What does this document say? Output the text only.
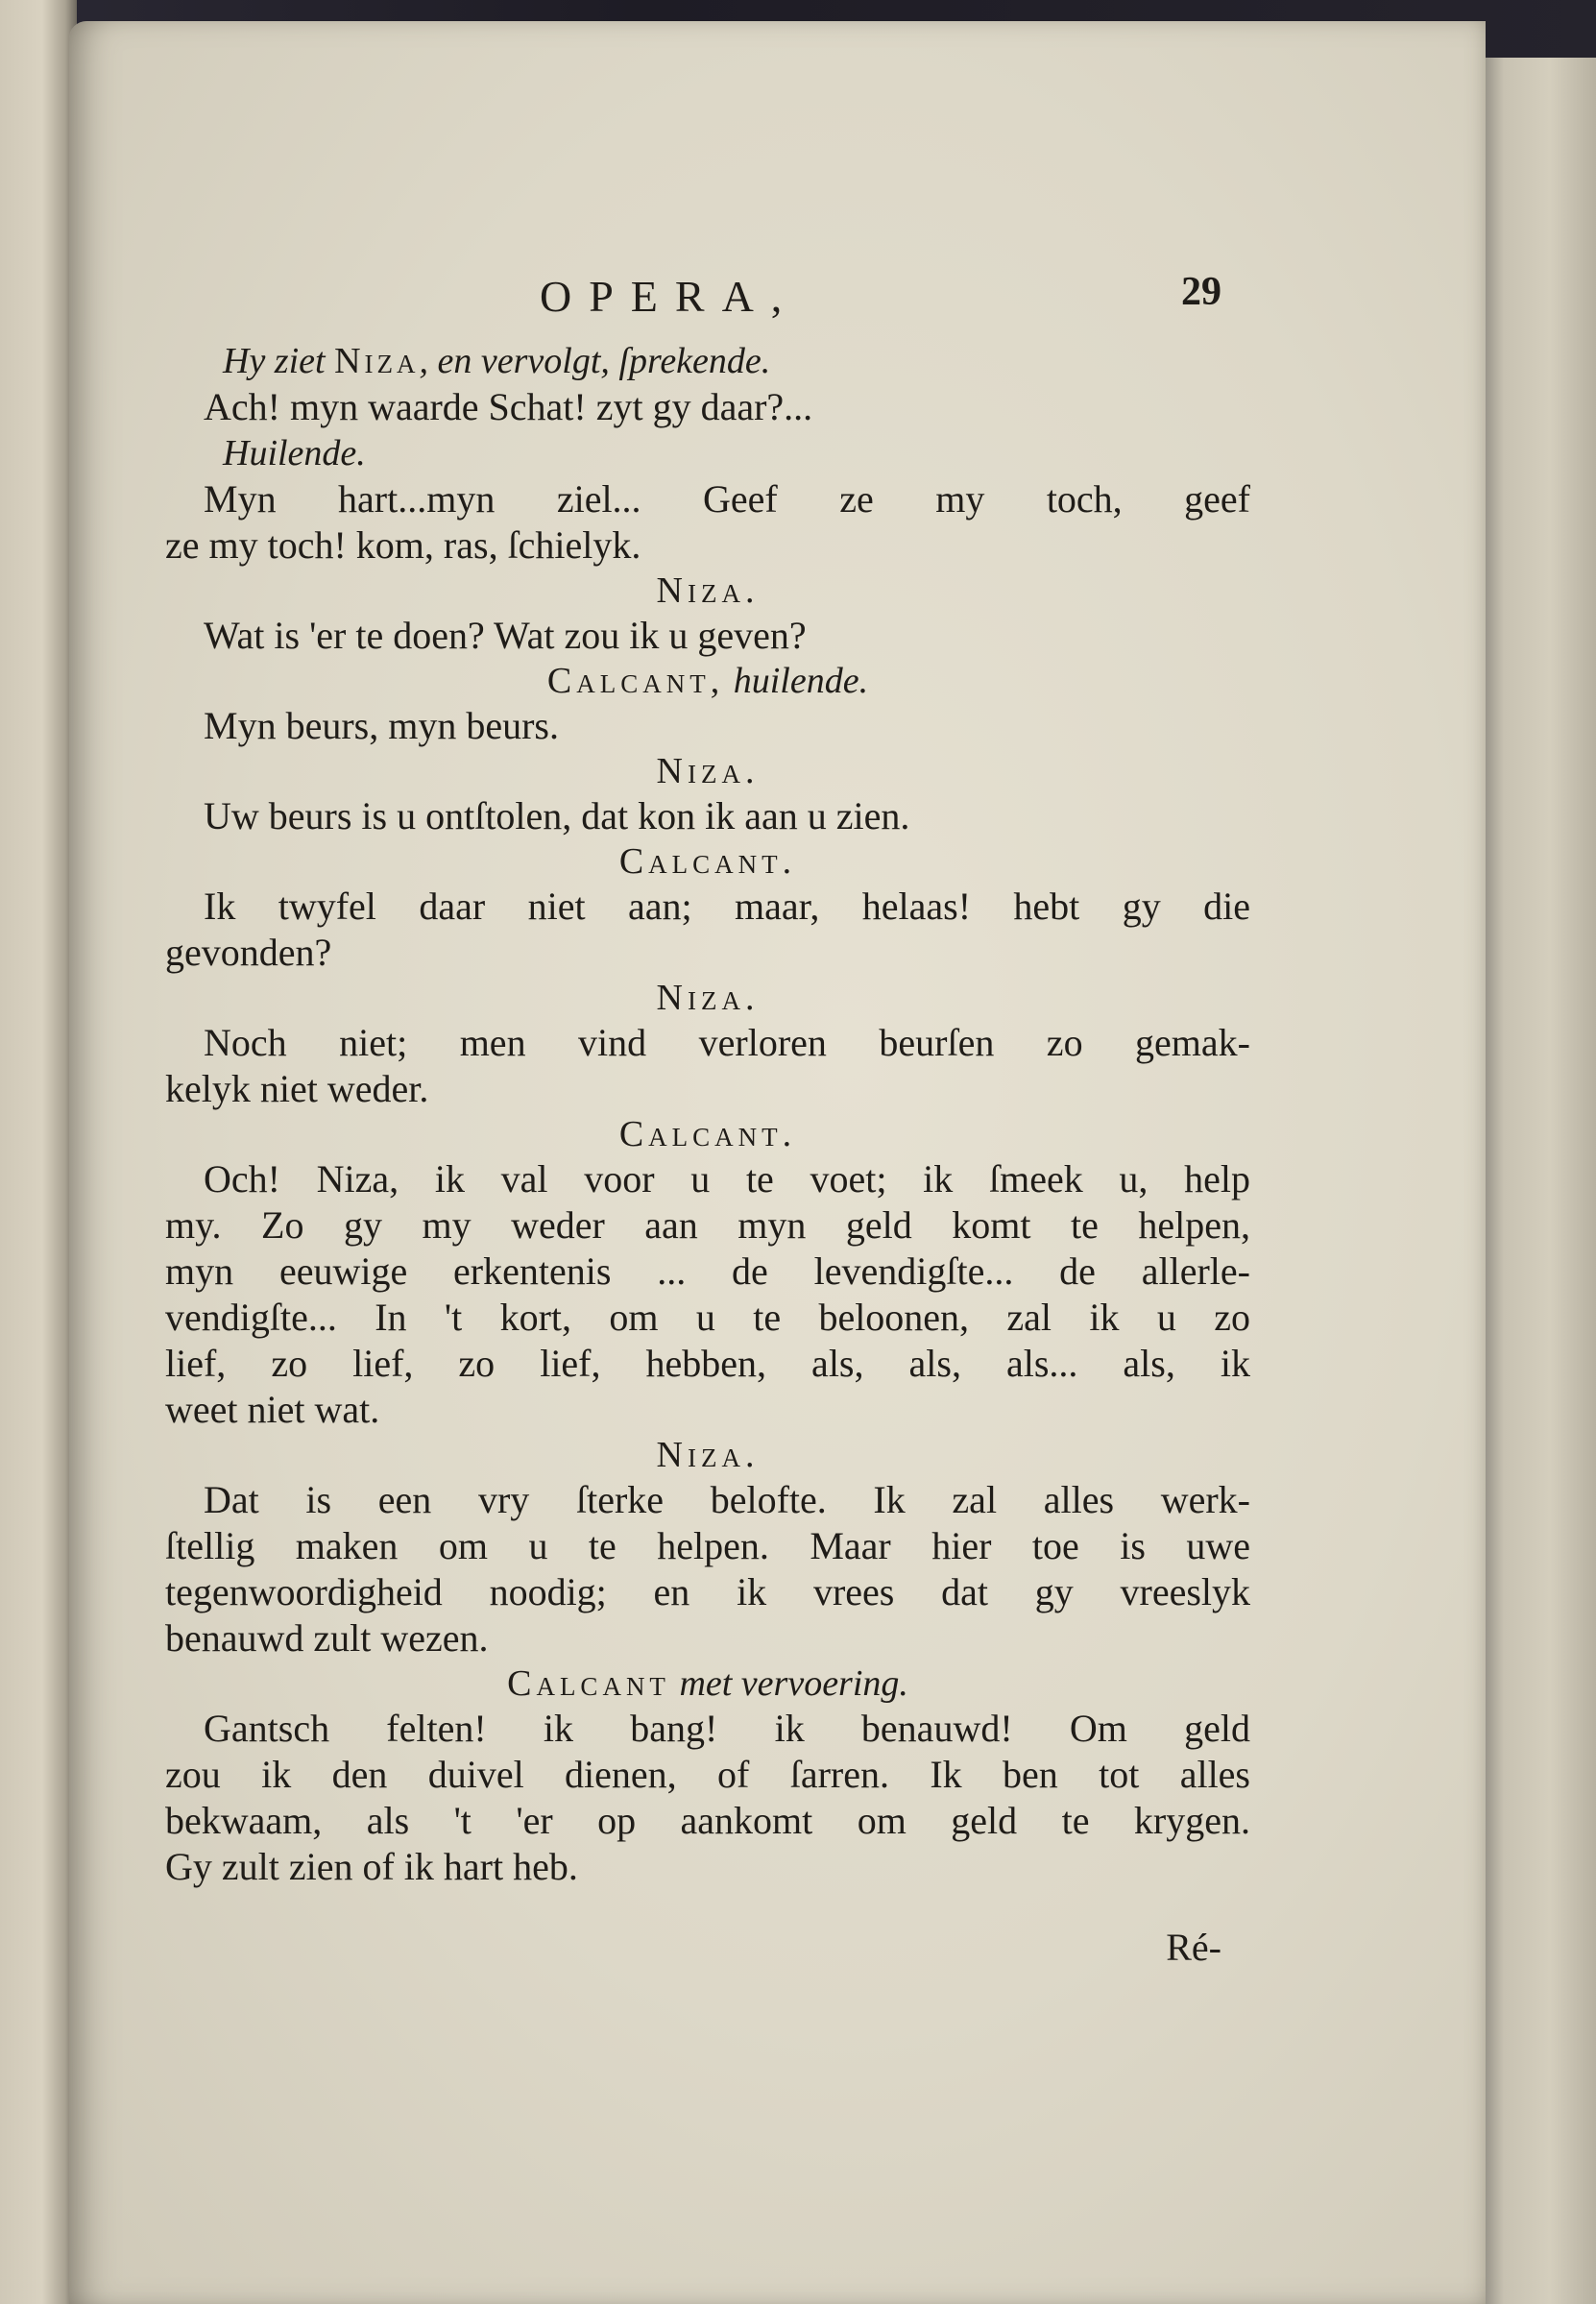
OPERA,	29
Hy ziet Niza, en vervolgt, ſprekende.
Ach! myn waarde Schat! zyt gy daar?...
Huilende.
Myn hart...myn ziel... Geef ze my toch, geef
ze my toch! kom, ras, ſchielyk.
Niza.
Wat is 'er te doen? Wat zou ik u geven?
Calcant, huilende.
Myn beurs, myn beurs.
Niza.
Uw beurs is u ontſtolen, dat kon ik aan u zien.
Calcant.
Ik twyfel daar niet aan; maar, helaas! hebt gy die
gevonden?
Niza.
Noch niet; men vind verloren beurſen zo gemak-
kelyk niet weder.
Calcant.
Och! Niza, ik val voor u te voet; ik ſmeek u, help
my. Zo gy my weder aan myn geld komt te helpen,
myn eeuwige erkentenis ... de levendigſte... de allerle-
vendigſte... In 't kort, om u te beloonen, zal ik u zo
lief, zo lief, zo lief, hebben, als, als, als... als, ik
weet niet wat.
Niza.
Dat is een vry ſterke belofte. Ik zal alles werk-
ſtellig maken om u te helpen. Maar hier toe is uwe
tegenwoordigheid noodig; en ik vrees dat gy vreeslyk
benauwd zult wezen.
Calcant met vervoering.
Gantsch felten! ik bang! ik benauwd! Om geld
zou ik den duivel dienen, of ſarren. Ik ben tot alles
bekwaam, als 't 'er op aankomt om geld te krygen.
Gy zult zien of ik hart heb.
Ré-
